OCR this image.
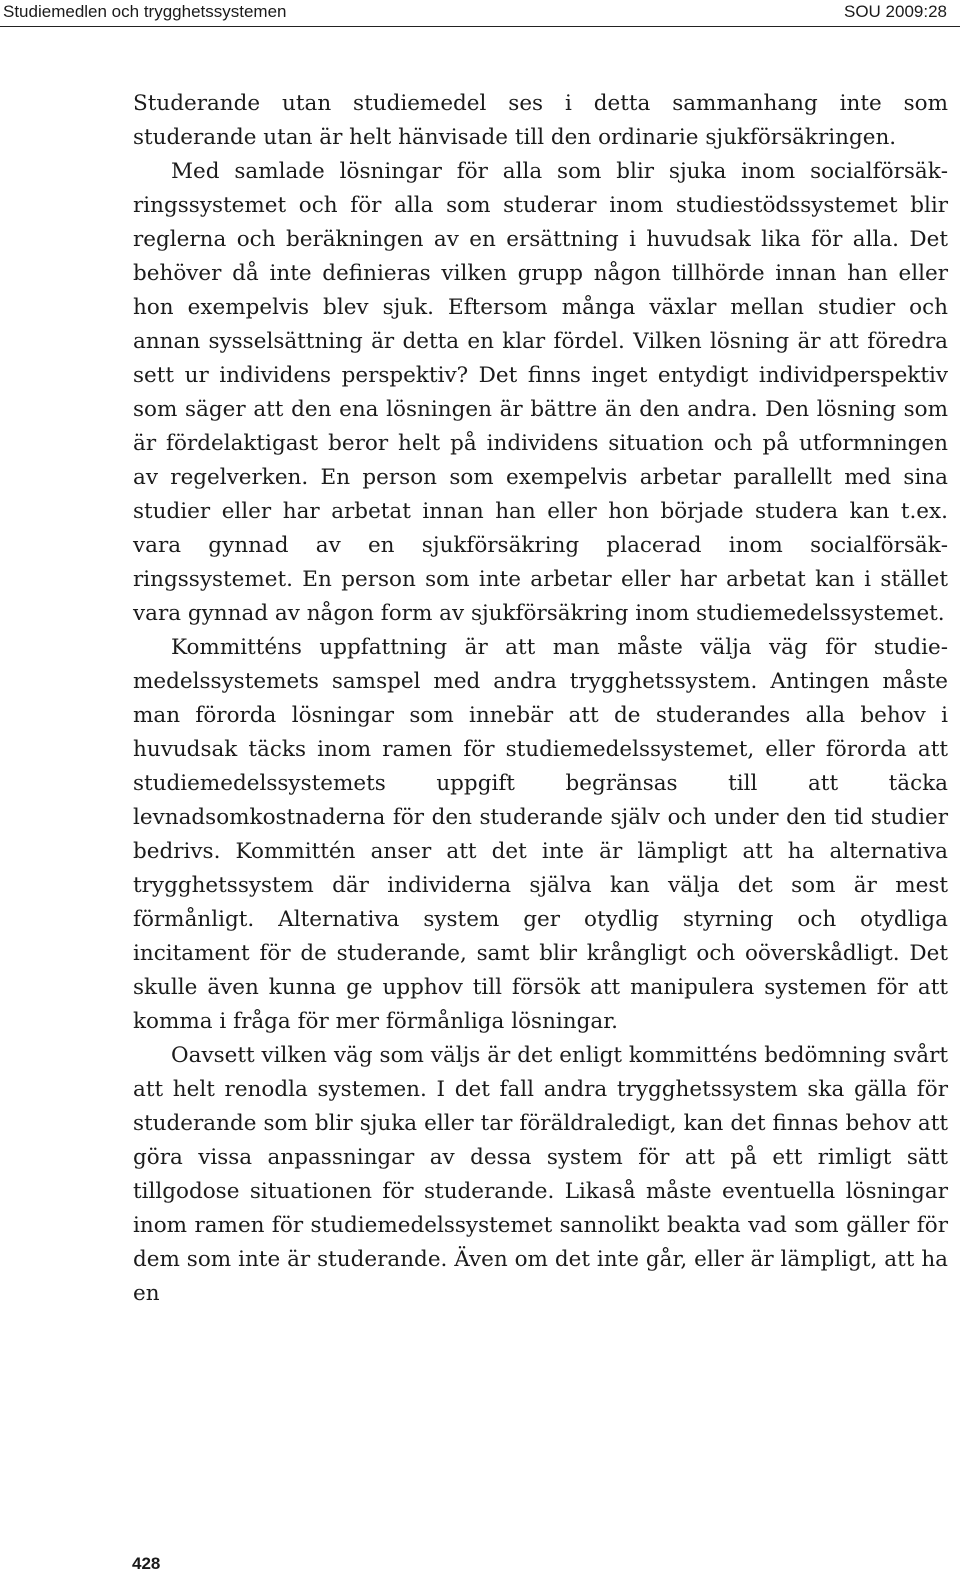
Studiemedlen och trygghetssystemen	SOU 2009:28

Studerande utan studiemedel ses i detta sammanhang inte som studerande utan är helt hänvisade till den ordinarie sjukförsäkringen.

Med samlade lösningar för alla som blir sjuka inom socialförsäkringssystemet och för alla som studerar inom studiestödssystemet blir reglerna och beräkningen av en ersättning i huvudsak lika för alla. Det behöver då inte definieras vilken grupp någon tillhörde innan han eller hon exempelvis blev sjuk. Eftersom många växlar mellan studier och annan sysselsättning är detta en klar fördel. Vilken lösning är att föredra sett ur individens perspektiv? Det finns inget entydigt individperspektiv som säger att den ena lösningen är bättre än den andra. Den lösning som är fördelaktigast beror helt på individens situation och på utformningen av regelverken. En person som exempelvis arbetar parallellt med sina studier eller har arbetat innan han eller hon började studera kan t.ex. vara gynnad av en sjukförsäkring placerad inom socialförsäkringssystemet. En person som inte arbetar eller har arbetat kan i stället vara gynnad av någon form av sjukförsäkring inom studiemedelssystemet.

Kommitténs uppfattning är att man måste välja väg för studiemedelssystemets samspel med andra trygghetssystem. Antingen måste man förorda lösningar som innebär att de studerandes alla behov i huvudsak täcks inom ramen för studiemedelssystemet, eller förorda att studiemedelssystemets uppgift begränsas till att täcka levnadsomkostnaderna för den studerande själv och under den tid studier bedrivs. Kommittén anser att det inte är lämpligt att ha alternativa trygghetssystem där individerna själva kan välja det som är mest förmånligt. Alternativa system ger otydlig styrning och otydliga incitament för de studerande, samt blir krångligt och oöverskådligt. Det skulle även kunna ge upphov till försök att manipulera systemen för att komma i fråga för mer förmånliga lösningar.

Oavsett vilken väg som väljs är det enligt kommitténs bedömning svårt att helt renodla systemen. I det fall andra trygghetssystem ska gälla för studerande som blir sjuka eller tar föräldraledigt, kan det finnas behov att göra vissa anpassningar av dessa system för att på ett rimligt sätt tillgodose situationen för studerande. Likaså måste eventuella lösningar inom ramen för studiemedelssystemet sannolikt beakta vad som gäller för dem som inte är studerande. Även om det inte går, eller är lämpligt, att ha en

428
